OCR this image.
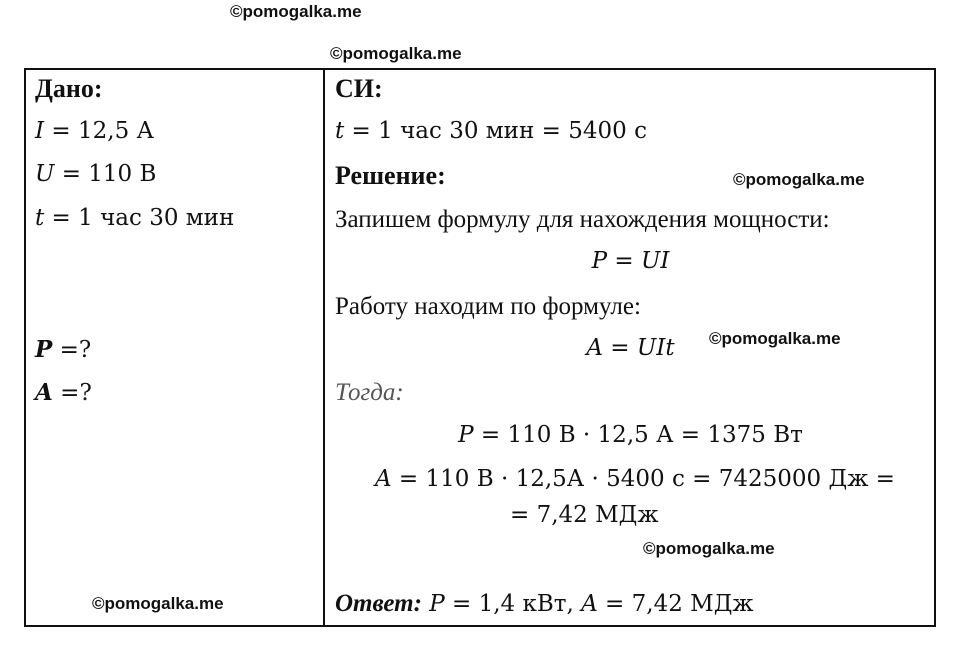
©pomogalka.me
©pomogalka.me
©pomogalka.me
©pomogalka.me
©pomogalka.me
©pomogalka.me
Дано:
I = 12,5 А
U = 110 В
t = 1 час 30 мин
P =?
A =?
СИ:
t = 1 час 30 мин = 5400 с
Решение:
Запишем формулу для нахождения мощности:
P = UI
Работу находим по формуле:
A = UIt
Тогда:
P = 110 В · 12,5 А = 1375 Вт
A = 110 В · 12,5А · 5400 с = 7425000 Дж =
= 7,42 МДж
Ответ: P = 1,4 кВт, A = 7,42 МДж
